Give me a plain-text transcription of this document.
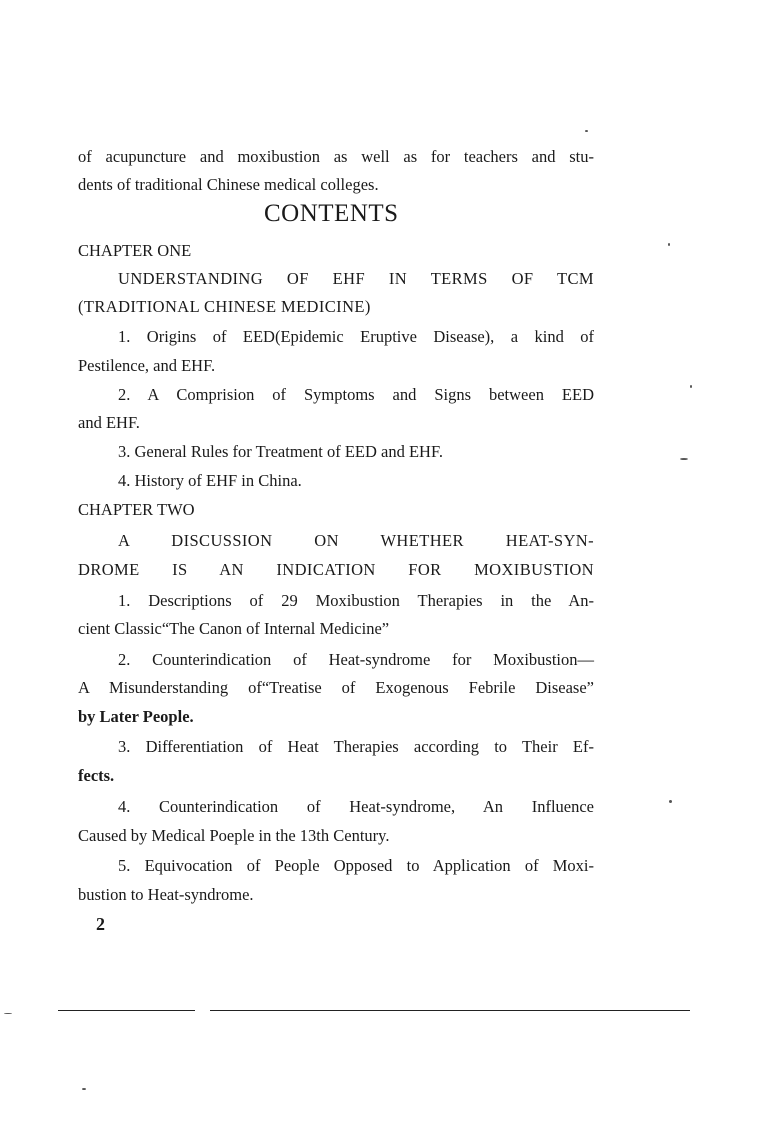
of acupuncture and moxibustion as well as for teachers and stu-
dents of traditional Chinese medical colleges.
CONTENTS
CHAPTER ONE
UNDERSTANDING OF EHF IN TERMS OF TCM
(TRADITIONAL CHINESE MEDICINE)
1. Origins of EED(Epidemic Eruptive Disease), a kind of
Pestilence, and EHF.
2. A Comprision of Symptoms and Signs between EED
and EHF.
3. General Rules for Treatment of EED and EHF.
4. History of EHF in China.
CHAPTER TWO
A DISCUSSION ON WHETHER HEAT-SYN-
DROME IS AN INDICATION FOR MOXIBUSTION
1. Descriptions of 29 Moxibustion Therapies in the An-
cient Classic“The Canon of Internal Medicine”
2. Counterindication of Heat-syndrome for Moxibustion—
A Misunderstanding of“Treatise of Exogenous Febrile Disease”
by Later People.
3. Differentiation of Heat Therapies according to Their Ef-
fects.
4. Counterindication of Heat-syndrome, An Influence
Caused by Medical Poeple in the 13th Century.
5. Equivocation of People Opposed to Application of Moxi-
bustion to Heat-syndrome.
2
